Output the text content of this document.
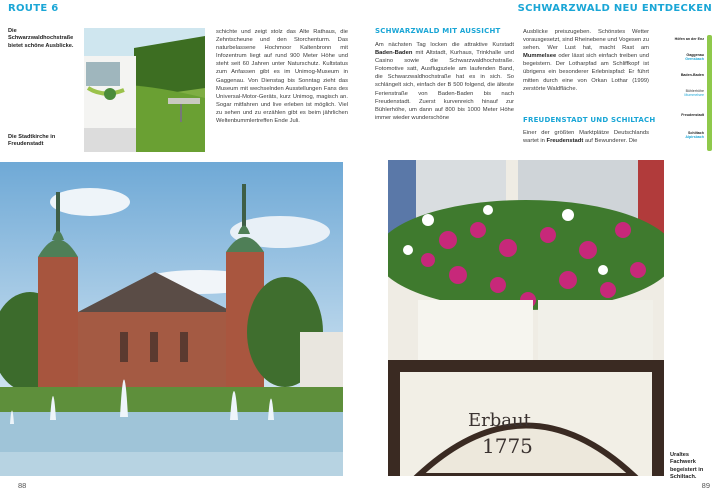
ROUTE 6
Die Schwarzwaldhochstraße bietet schöne Ausblicke.
Die Stadtkirche in Freudenstadt
schichte und zeigt stolz das Alte Rathaus, die Zehntscheune und den Storchenturm. Das naturbelassene Hochmoor Kaltenbronn mit Infozentrum liegt auf rund 900 Meter Höhe und steht seit 60 Jahren unter Naturschutz. Kultstatus zum Anfassen gibt es im Unimog-Museum in Gaggenau. Von Dienstag bis Sonntag zieht das Museum mit wechselnden Ausstellungen Fans des Universal-Motor-Geräts, kurz Unimog, magisch an. Sogar mitfahren und live erleben ist möglich. Viel zu sehen und zu erzählen gibt es beim jährlichen Weltenbummlertreffen Ende Juli.
88
SCHWARZWALD NEU ENTDECKEN
SCHWARZWALD MIT AUSSICHT
Am nächsten Tag locken die attraktive Kurstadt Baden-Baden mit Altstadt, Kurhaus, Trinkhalle und Casino sowie die Schwarzwaldhochstraße. Fotomotive satt, Ausflugsziele am laufenden Band, die Schwarzwaldhochstraße hat es in sich. So schlängelt sich, einfach der B 500 folgend, die älteste Ferienstraße von Baden-Baden bis nach Freudenstadt. Zuerst kurvenreich hinauf zur Bühlerhöhe, um dann auf 800 bis 1000 Meter Höhe immer wieder wunderschöne
Ausblicke preiszugeben. Schönstes Wetter vorausgesetzt, sind Rheinebene und Vogesen zu sehen. Wer Lust hat, macht Rast am Mummelsee oder lässt sich einfach treiben und begeistern. Der Lotharpfad am Schliffkopf ist übrigens ein besonderer Erlebnispfad: Er führt mitten durch eine von Orkan Lothar (1999) zerstörte Waldfläche.
FREUDENSTADT UND SCHILTACH
Einer der größten Marktplätze Deutschlands wartet in Freudenstadt auf Bewunderer. Die
Höfen an der Enz
Gaggenau
Gernsbach
Baden-Baden
Bühlerhöhe
Mummelsee
Freudenstadt
Schiltach
Alpirsbach
Erbaut
1775	Uraltes Fachwerk begeistert in Schiltach.
89
